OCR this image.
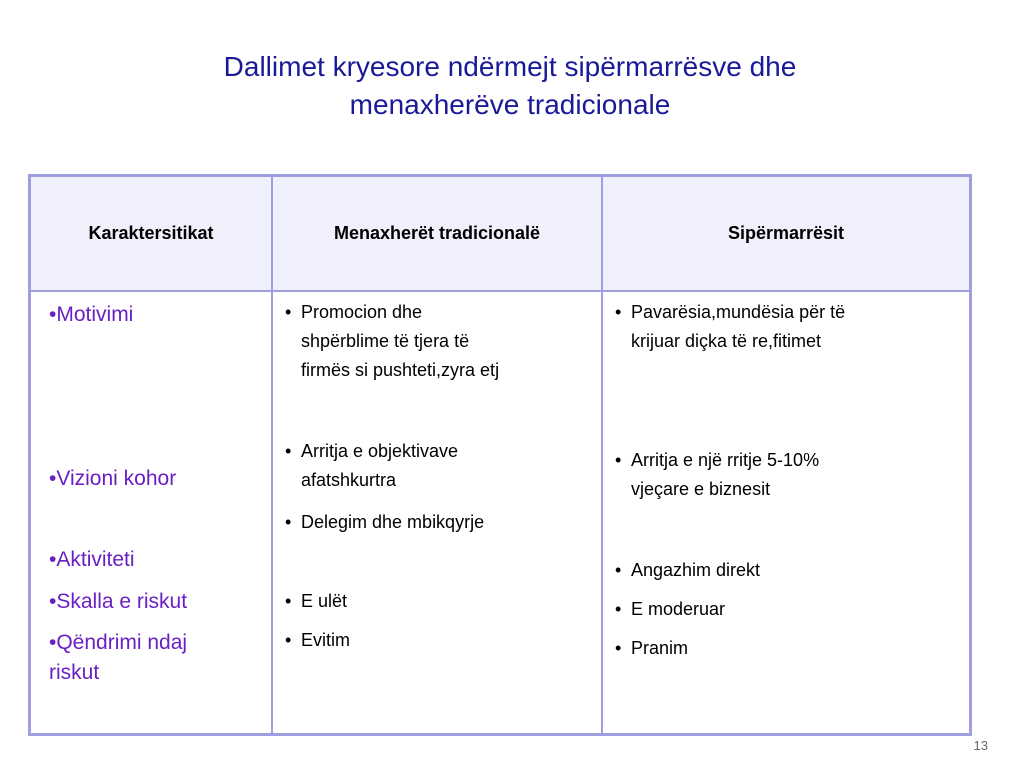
Dallimet kryesore ndërmejt sipërmarrësve dhe
menaxherëve tradicionale
Karaktersitikat	Menaxherët tradicionalë	Sipërmarrësit
•Motivimi
•Vizioni kohor
•Aktiviteti
•Skalla e riskut
•Qëndrimi ndaj
riskut
• Promocion dhe
shpërblime të tjera të
firmës si pushteti,zyra etj
• Arritja e objektivave
afatshkurtra
• Delegim dhe mbikqyrje
• E ulët
• Evitim
• Pavarësia,mundësia për të
krijuar diçka të re,fitimet
• Arritja e një rritje 5-10%
vjeçare e biznesit
• Angazhim direkt
• E moderuar
• Pranim
13
